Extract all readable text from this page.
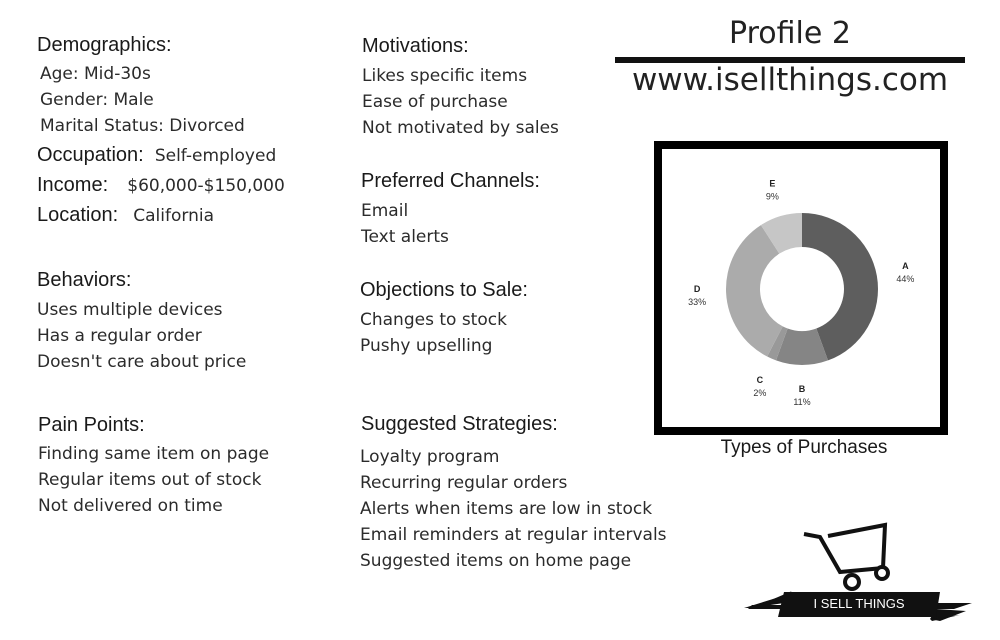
Profile 2
www.isellthings.com
Demographics:
Age: Mid-30s
Gender: Male
Marital Status: Divorced
Occupation: Self-employed
Income: $60,000-$150,000
Location: California
Behaviors:
Uses multiple devices
Has a regular order
Doesn't care about price
Pain Points:
Finding same item on page
Regular items out of stock
Not delivered on time
Motivations:
Likes specific items
Ease of purchase
Not motivated by sales
Preferred Channels:
Email
Text alerts
Objections to Sale:
Changes to stock
Pushy upselling
Suggested Strategies:
Loyalty program
Recurring regular orders
Alerts when items are low in stock
Email reminders at regular intervals
Suggested items on home page
A
44%
B
11%
C
2%
D
33%
E
9%
Types of Purchases
I SELL THINGS
